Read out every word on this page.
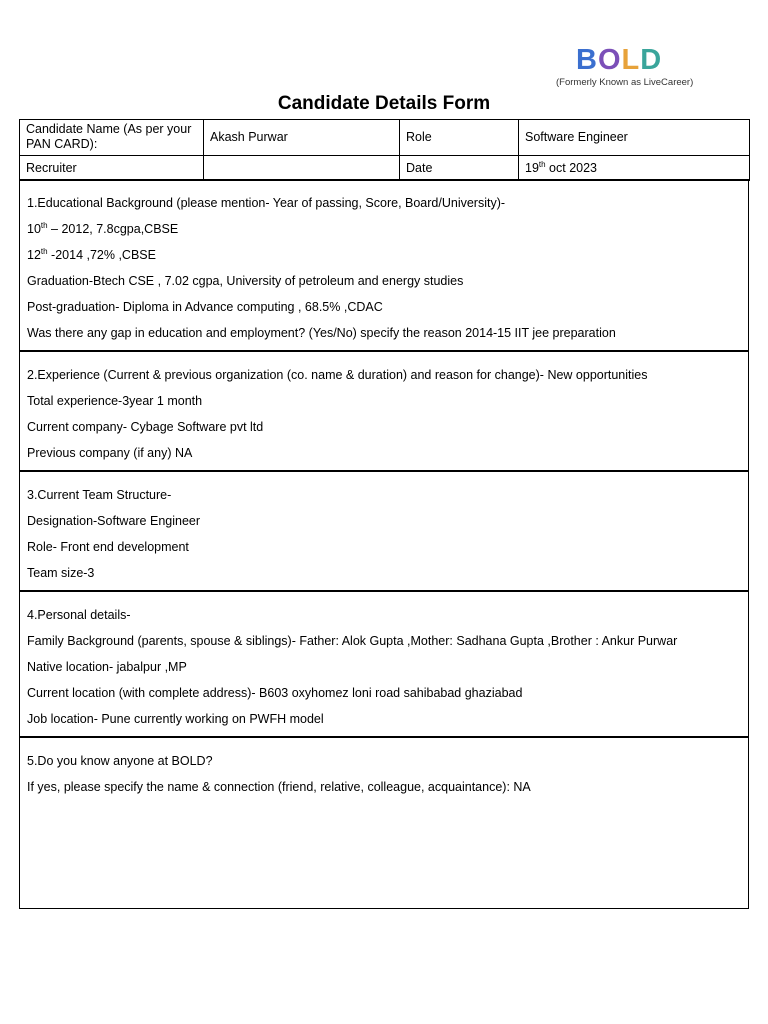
BOLD
(Formerly Known as LiveCareer)
Candidate Details Form
Candidate Name (As per your PAN CARD):	Akash Purwar	Role	Software Engineer
Recruiter		Date	19th oct 2023
1.Educational Background (please mention- Year of passing, Score, Board/University)-
10th – 2012, 7.8cgpa,CBSE
12th -2014 ,72% ,CBSE
Graduation-Btech CSE , 7.02 cgpa, University of petroleum and energy studies
Post-graduation- Diploma in Advance computing , 68.5% ,CDAC
Was there any gap in education and employment? (Yes/No) specify the reason 2014-15 IIT jee preparation
2.Experience (Current & previous organization (co. name & duration) and reason for change)- New opportunities
Total experience-3year 1 month
Current company- Cybage Software pvt ltd
Previous company (if any) NA
3.Current Team Structure-
Designation-Software Engineer
Role- Front end development
Team size-3
4.Personal details-
Family Background (parents, spouse & siblings)- Father: Alok Gupta ,Mother: Sadhana Gupta ,Brother : Ankur Purwar
Native location- jabalpur ,MP
Current location (with complete address)- B603 oxyhomez loni road sahibabad ghaziabad
Job location- Pune currently working on PWFH model
5.Do you know anyone at BOLD?
If yes, please specify the name & connection (friend, relative, colleague, acquaintance): NA
